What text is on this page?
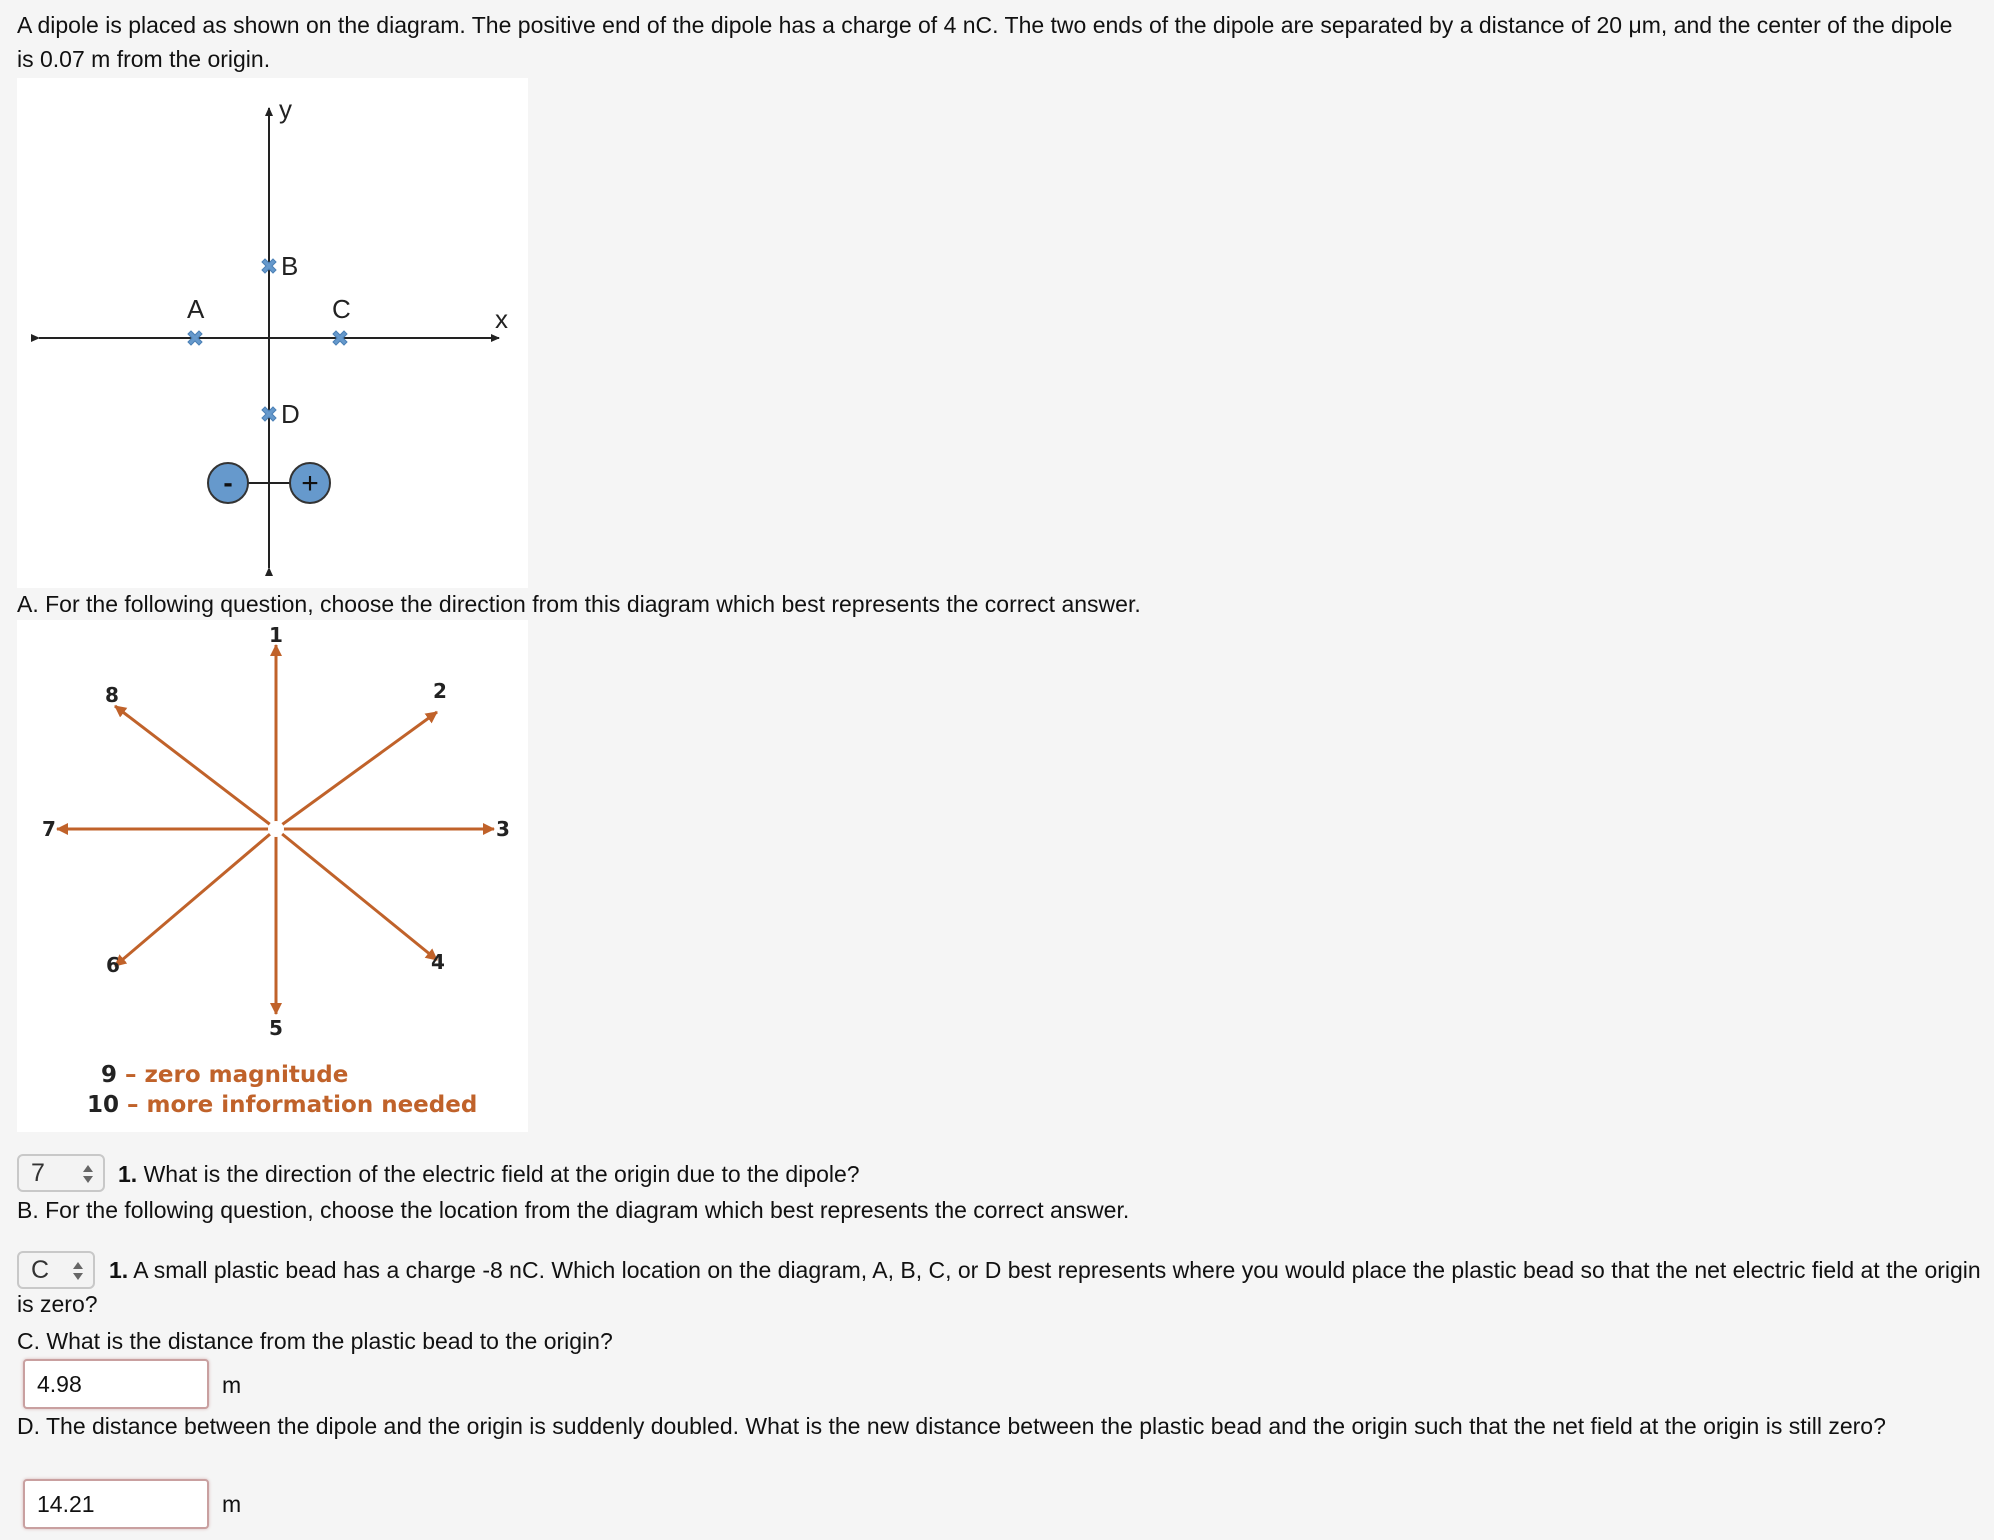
A dipole is placed as shown on the diagram. The positive end of the dipole has a charge of 4 nC. The two ends of the dipole are separated by a distance of 20 μm, and the center of the dipole is 0.07 m from the origin.
y
x
A	C
B
D
- +
A. For the following question, choose the direction from this diagram which best represents the correct answer.
1
2
3
4
5
6
7
8
9 – zero magnitude
10 – more information needed
7	1. What is the direction of the electric field at the origin due to the dipole?
B. For the following question, choose the location from the diagram which best represents the correct answer.
C	1. A small plastic bead has a charge -8 nC. Which location on the diagram, A, B, C, or D best represents where you would place the plastic bead so that the net electric field at the origin is zero?
C. What is the distance from the plastic bead to the origin?
4.98
m
D. The distance between the dipole and the origin is suddenly doubled. What is the new distance between the plastic bead and the origin such that the net field at the origin is still zero?
14.21
m
